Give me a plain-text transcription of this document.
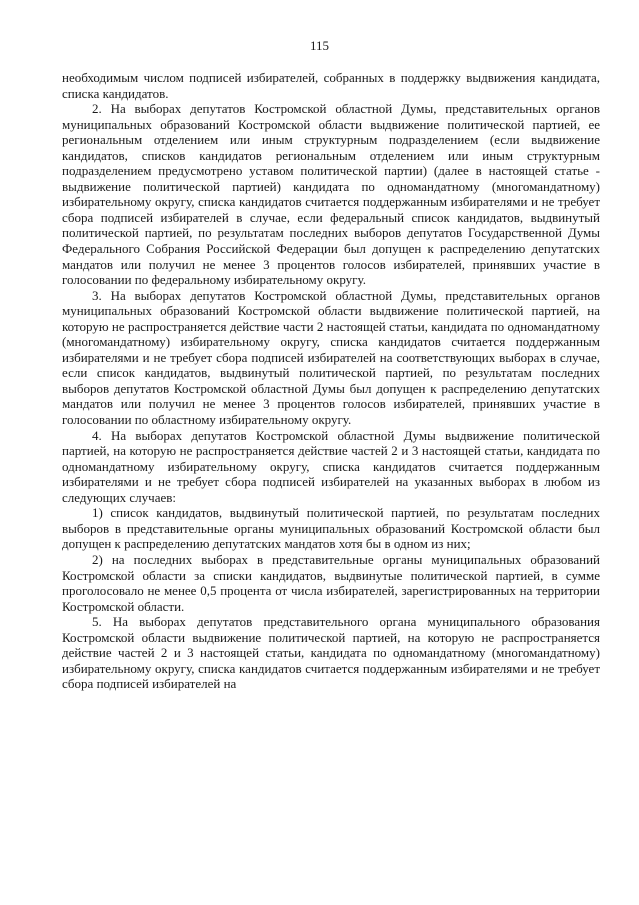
115

необходимым числом подписей избирателей, собранных в поддержку выдвижения кандидата, списка кандидатов.

2. На выборах депутатов Костромской областной Думы, представительных органов муниципальных образований Костромской области выдвижение политической партией, ее региональным отделением или иным структурным подразделением (если выдвижение кандидатов, списков кандидатов региональным отделением или иным структурным подразделением предусмотрено уставом политической партии) (далее в настоящей статье - выдвижение политической партией) кандидата по одномандатному (многомандатному) избирательному округу, списка кандидатов считается поддержанным избирателями и не требует сбора подписей избирателей в случае, если федеральный список кандидатов, выдвинутый политической партией, по результатам последних выборов депутатов Государственной Думы Федерального Собрания Российской Федерации был допущен к распределению депутатских мандатов или получил не менее 3 процентов голосов избирателей, принявших участие в голосовании по федеральному избирательному округу.

3. На выборах депутатов Костромской областной Думы, представительных органов муниципальных образований Костромской области выдвижение политической партией, на которую не распространяется действие части 2 настоящей статьи, кандидата по одномандатному (многомандатному) избирательному округу, списка кандидатов считается поддержанным избирателями и не требует сбора подписей избирателей на соответствующих выборах в случае, если список кандидатов, выдвинутый политической партией, по результатам последних выборов депутатов Костромской областной Думы был допущен к распределению депутатских мандатов или получил не менее 3 процентов голосов избирателей, принявших участие в голосовании по областному избирательному округу.

4. На выборах депутатов Костромской областной Думы выдвижение политической партией, на которую не распространяется действие частей 2 и 3 настоящей статьи, кандидата по одномандатному избирательному округу, списка кандидатов считается поддержанным избирателями и не требует сбора подписей избирателей на указанных выборах в любом из следующих случаев:

1) список кандидатов, выдвинутый политической партией, по результатам последних выборов в представительные органы муниципальных образований Костромской области был допущен к распределению депутатских мандатов хотя бы в одном из них;

2) на последних выборах в представительные органы муниципальных образований Костромской области за списки кандидатов, выдвинутые политической партией, в сумме проголосовало не менее 0,5 процента от числа избирателей, зарегистрированных на территории Костромской области.

5. На выборах депутатов представительного органа муниципального образования Костромской области выдвижение политической партией, на которую не распространяется действие частей 2 и 3 настоящей статьи, кандидата по одномандатному (многомандатному) избирательному округу, списка кандидатов считается поддержанным избирателями и не требует сбора подписей избирателей на
